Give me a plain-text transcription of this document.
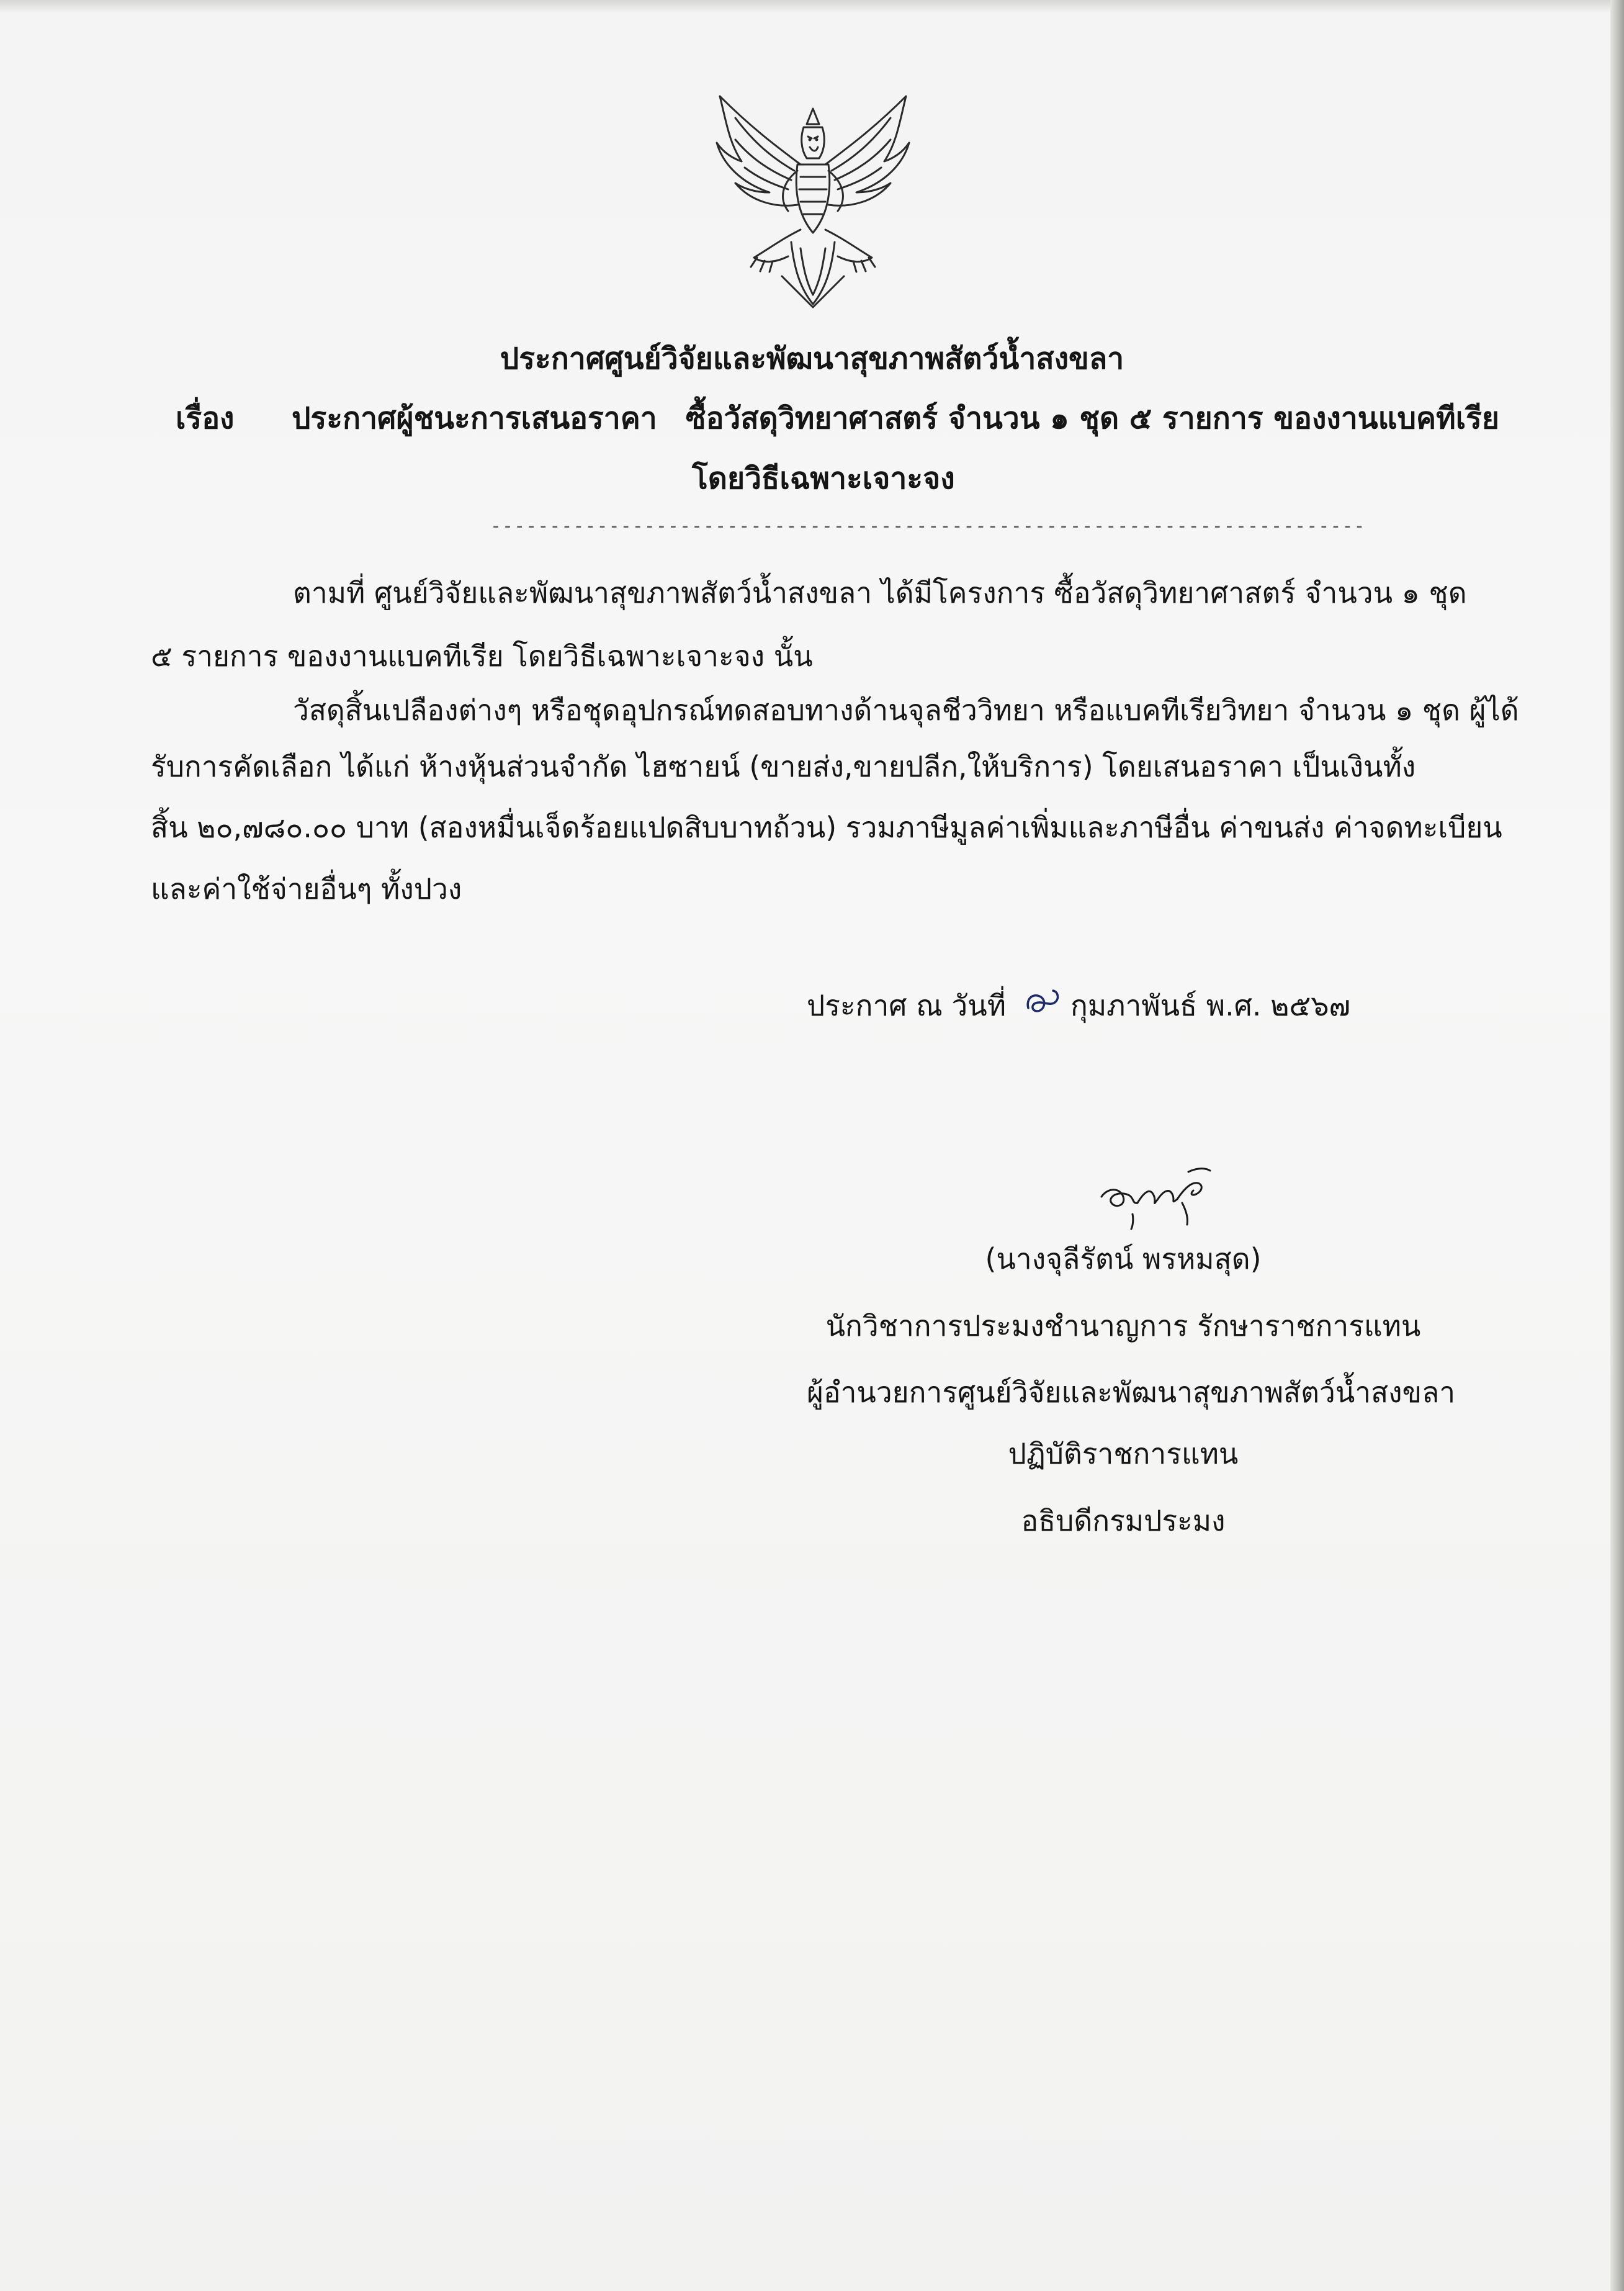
ประกาศศูนย์วิจัยและพัฒนาสุขภาพสัตว์น้ำสงขลา
เรื่อง ประกาศผู้ชนะการเสนอราคา ซื้อวัสดุวิทยาศาสตร์ จำนวน ๑ ชุด ๕ รายการ ของงานแบคทีเรีย
โดยวิธีเฉพาะเจาะจง
--------------------------------------------------------------------------
ตามที่ ศูนย์วิจัยและพัฒนาสุขภาพสัตว์น้ำสงขลา ได้มีโครงการ ซื้อวัสดุวิทยาศาสตร์ จำนวน ๑ ชุด
๕ รายการ ของงานแบคทีเรีย โดยวิธีเฉพาะเจาะจง นั้น
วัสดุสิ้นเปลืองต่างๆ หรือชุดอุปกรณ์ทดสอบทางด้านจุลชีววิทยา หรือแบคทีเรียวิทยา จำนวน ๑ ชุด ผู้ได้
รับการคัดเลือก ได้แก่ ห้างหุ้นส่วนจำกัด ไฮซายน์ (ขายส่ง,ขายปลีก,ให้บริการ) โดยเสนอราคา เป็นเงินทั้ง
สิ้น ๒๐,๗๘๐.๐๐ บาท (สองหมื่นเจ็ดร้อยแปดสิบบาทถ้วน) รวมภาษีมูลค่าเพิ่มและภาษีอื่น ค่าขนส่ง ค่าจดทะเบียน
และค่าใช้จ่ายอื่นๆ ทั้งปวง
ประกาศ ณ วันที่ กุมภาพันธ์ พ.ศ. ๒๕๖๗
(นางจุลีรัตน์ พรหมสุด)
นักวิชาการประมงชำนาญการ รักษาราชการแทน
ผู้อำนวยการศูนย์วิจัยและพัฒนาสุขภาพสัตว์น้ำสงขลา
ปฏิบัติราชการแทน
อธิบดีกรมประมง
